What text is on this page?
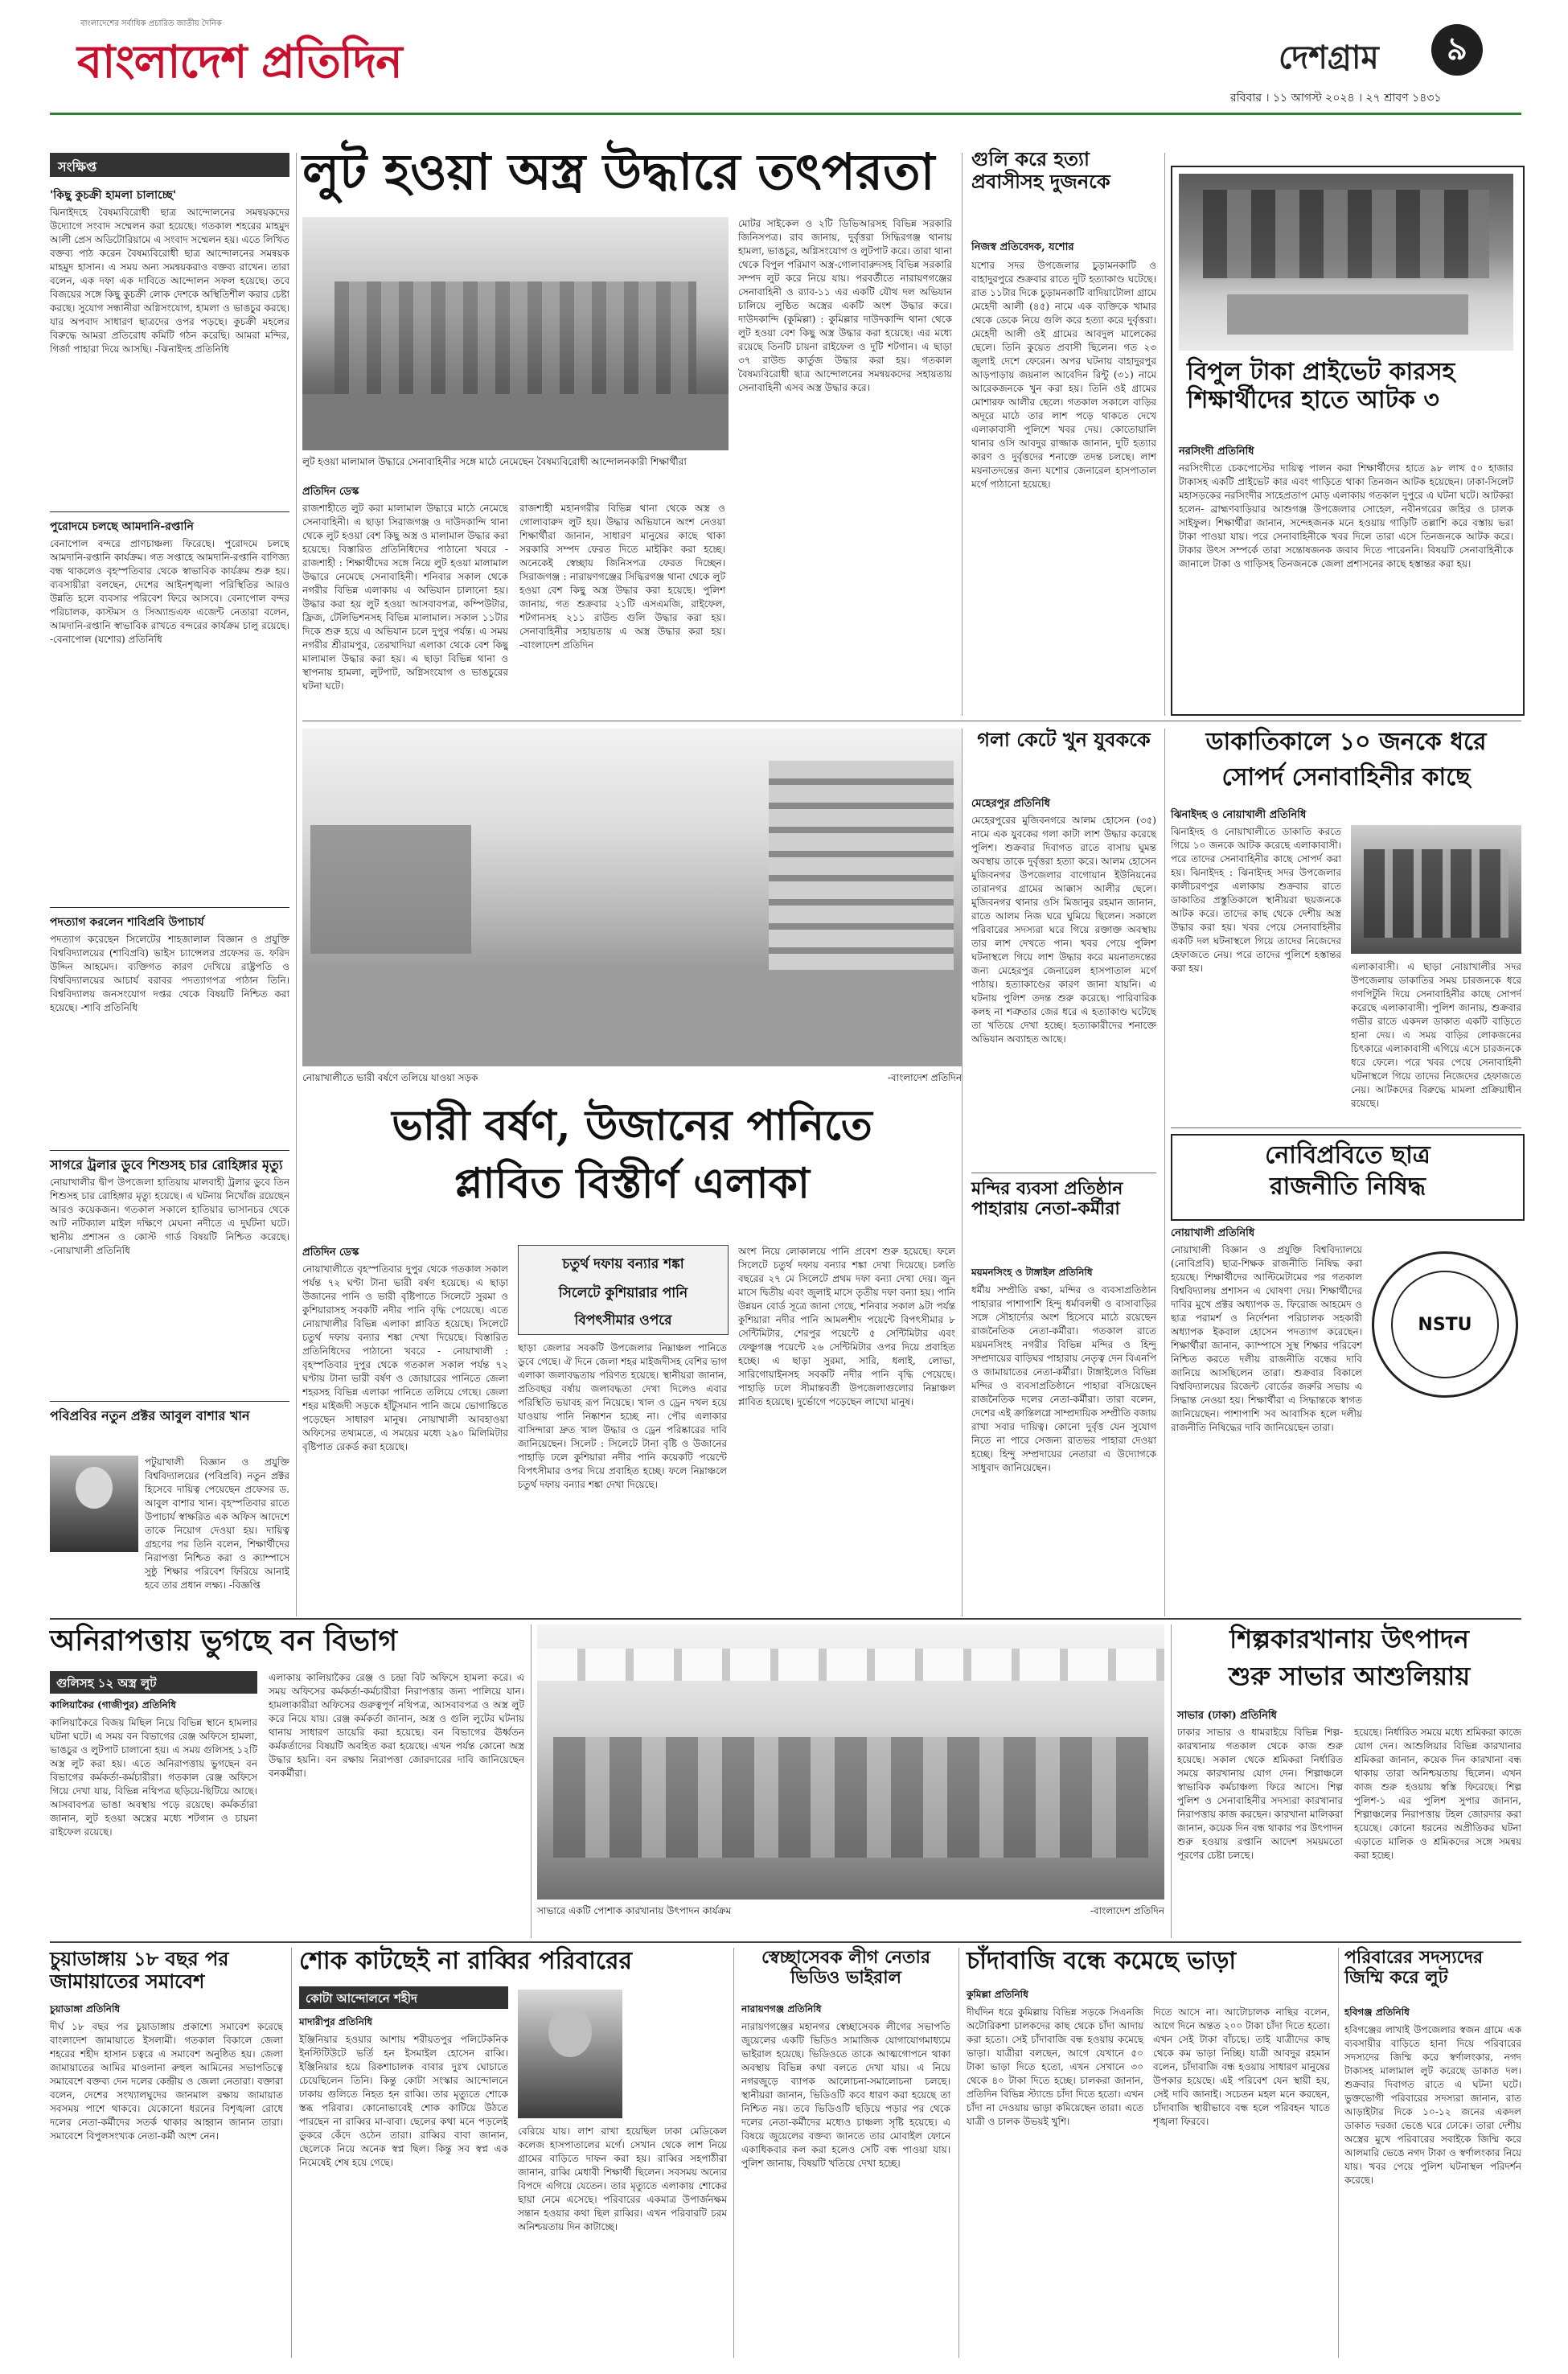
বাংলাদেশের সর্বাধিক প্রচারিত জাতীয় দৈনিক
বাংলাদেশ প্রতিদিন	দেশগ্রাম ৯
রবিবার । ১১ আগস্ট ২০২৪ । ২৭ শ্রাবণ ১৪৩১
সংক্ষিপ্ত
'কিছু কুচক্রী হামলা চালাচ্ছে'
ঝিনাইদহে বৈষম্যবিরোধী ছাত্র আন্দোলনের সমন্বয়কদের উদ্যোগে সংবাদ সম্মেলন করা হয়েছে। গতকাল শহরের মাহমুদ আলী প্রেস অডিটোরিয়ামে এ সংবাদ সম্মেলন হয়। এতে লিখিত বক্তব্য পাঠ করেন বৈষম্যবিরোধী ছাত্র আন্দোলনের সমন্বয়ক মাহমুদ হাসান। এ সময় অন্য সমন্বয়করাও বক্তব্য রাখেন। তারা বলেন, এক দফা এক দাবিতে আন্দোলন সফল হয়েছে। তবে বিজয়ের সঙ্গে কিছু কুচক্রী লোক দেশকে অস্থিতিশীল করার চেষ্টা করছে। সুযোগ সন্ধানীরা অগ্নিসংযোগ, হামলা ও ভাঙচুর করছে। যার অপবাদ সাধারণ ছাত্রদের ওপর পড়ছে। কুচক্রী মহলের বিরুদ্ধে আমরা প্রতিরোধ কমিটি গঠন করেছি। আমরা মন্দির, গির্জা পাহারা দিয়ে আসছি। -ঝিনাইদহ প্রতিনিধি
পুরোদমে চলছে আমদানি-রপ্তানি
বেনাপোল বন্দরে প্রাণচাঞ্চল্য ফিরেছে। পুরোদমে চলছে আমদানি-রপ্তানি কার্যক্রম। গত সপ্তাহে আমদানি-রপ্তানি বাণিজ্য বন্ধ থাকলেও বৃহস্পতিবার থেকে স্বাভাবিক কার্যক্রম শুরু হয়। ব্যবসায়ীরা বলছেন, দেশের আইনশৃঙ্খলা পরিস্থিতির আরও উন্নতি হলে ব্যবসার পরিবেশ ফিরে আসবে। বেনাপোল বন্দর পরিচালক, কাস্টমস ও সিঅ্যান্ডএফ এজেন্ট নেতারা বলেন, আমদানি-রপ্তানি স্বাভাবিক রাখতে বন্দরের কার্যক্রম চালু রয়েছে। -বেনাপোল (যশোর) প্রতিনিধি
পদত্যাগ করলেন শাবিপ্রবি উপাচার্য
পদত্যাগ করেছেন সিলেটের শাহজালাল বিজ্ঞান ও প্রযুক্তি বিশ্ববিদ্যালয়ের (শাবিপ্রবি) ভাইস চ্যান্সেলর প্রফেসর ড. ফরিদ উদ্দিন আহমেদ। ব্যক্তিগত কারণ দেখিয়ে রাষ্ট্রপতি ও বিশ্ববিদ্যালয়ের আচার্য বরাবর পদত্যাগপত্র পাঠান তিনি। বিশ্ববিদ্যালয় জনসংযোগ দপ্তর থেকে বিষয়টি নিশ্চিত করা হয়েছে। -শাবি প্রতিনিধি
সাগরে ট্রলার ডুবে শিশুসহ চার রোহিঙ্গার মৃত্যু
নোয়াখালীর দ্বীপ উপজেলা হাতিয়ায় মালবাহী ট্রলার ডুবে তিন শিশুসহ চার রোহিঙ্গার মৃত্যু হয়েছে। এ ঘটনায় নিখোঁজ রয়েছেন আরও কয়েকজন। গতকাল সকালে হাতিয়ার ভাসানচর থেকে আট নটিক্যাল মাইল দক্ষিণে মেঘনা নদীতে এ দুর্ঘটনা ঘটে। স্থানীয় প্রশাসন ও কোস্ট গার্ড বিষয়টি নিশ্চিত করেছে। -নোয়াখালী প্রতিনিধি
পবিপ্রবির নতুন প্রক্টর আবুল বাশার খান
পটুয়াখালী বিজ্ঞান ও প্রযুক্তি বিশ্ববিদ্যালয়ের (পবিপ্রবি) নতুন প্রক্টর হিসেবে দায়িত্ব পেয়েছেন প্রফেসর ড. আবুল বাশার খান। বৃহস্পতিবার রাতে উপাচার্য স্বাক্ষরিত এক অফিস আদেশে তাকে নিয়োগ দেওয়া হয়। দায়িত্ব গ্রহণের পর তিনি বলেন, শিক্ষার্থীদের নিরাপত্তা নিশ্চিত করা ও ক্যাম্পাসে সুষ্ঠু শিক্ষার পরিবেশ ফিরিয়ে আনাই হবে তার প্রধান লক্ষ্য। -বিজ্ঞপ্তি
লুট হওয়া অস্ত্র উদ্ধারে তৎপরতা
লুট হওয়া মালামাল উদ্ধারে সেনাবাহিনীর সঙ্গে মাঠে নেমেছেন বৈষম্যবিরোধী আন্দোলনকারী শিক্ষার্থীরা
প্রতিদিন ডেস্ক
রাজশাহীতে লুট করা মালামাল উদ্ধারে মাঠে নেমেছে সেনাবাহিনী। এ ছাড়া সিরাজগঞ্জ ও দাউদকান্দি থানা থেকে লুট হওয়া বেশ কিছু অস্ত্র ও মালামাল উদ্ধার করা হয়েছে। বিস্তারিত প্রতিনিধিদের পাঠানো খবরে - রাজশাহী : শিক্ষার্থীদের সঙ্গে নিয়ে লুট হওয়া মালামাল উদ্ধারে নেমেছে সেনাবাহিনী। শনিবার সকাল থেকে নগরীর বিভিন্ন এলাকায় এ অভিযান চালানো হয়। উদ্ধার করা হয় লুট হওয়া আসবাবপত্র, কম্পিউটার, ফ্রিজ, টেলিভিশনসহ বিভিন্ন মালামাল। সকাল ১১টার দিকে শুরু হয়ে এ অভিযান চলে দুপুর পর্যন্ত। এ সময় নগরীর শ্রীরামপুর, তেরখাদিয়া এলাকা থেকে বেশ কিছু মালামাল উদ্ধার করা হয়। এ ছাড়া বিভিন্ন থানা ও স্থাপনায় হামলা, লুটপাট, অগ্নিসংযোগ ও ভাঙচুরের ঘটনা ঘটে।
রাজশাহী মহানগরীর বিভিন্ন থানা থেকে অস্ত্র ও গোলাবারুদ লুট হয়। উদ্ধার অভিযানে অংশ নেওয়া শিক্ষার্থীরা জানান, সাধারণ মানুষের কাছে থাকা সরকারি সম্পদ ফেরত দিতে মাইকিং করা হচ্ছে। অনেকেই স্বেচ্ছায় জিনিসপত্র ফেরত দিচ্ছেন। সিরাজগঞ্জ : নারায়ণগঞ্জের সিদ্ধিরগঞ্জ থানা থেকে লুট হওয়া বেশ কিছু অস্ত্র উদ্ধার করা হয়েছে। পুলিশ জানায়, গত শুক্রবার ২১টি এসএমজি, রাইফেল, শটগানসহ ২১১ রাউন্ড গুলি উদ্ধার করা হয়। সেনাবাহিনীর সহায়তায় এ অস্ত্র উদ্ধার করা হয়। -বাংলাদেশ প্রতিদিন
মোটর সাইকেল ও ২টি ডিভিআরসহ বিভিন্ন সরকারি জিনিসপত্র। রাব জানায়, দুর্বৃত্তরা সিদ্ধিরগঞ্জ থানায় হামলা, ভাঙচুর, অগ্নিসংযোগ ও লুটপাট করে। তারা থানা থেকে বিপুল পরিমাণ অস্ত্র-গোলাবারুদসহ বিভিন্ন সরকারি সম্পদ লুট করে নিয়ে যায়। পরবর্তীতে নারায়ণগঞ্জের সেনাবাহিনী ও র‍্যাব-১১ এর একটি যৌথ দল অভিযান চালিয়ে লুণ্ঠিত অস্ত্রের একটি অংশ উদ্ধার করে। দাউদকান্দি (কুমিল্লা) : কুমিল্লার দাউদকান্দি থানা থেকে লুট হওয়া বেশ কিছু অস্ত্র উদ্ধার করা হয়েছে। এর মধ্যে রয়েছে তিনটি চায়না রাইফেল ও দুটি শটগান। এ ছাড়া ৩৭ রাউন্ড কার্তুজ উদ্ধার করা হয়। গতকাল বৈষম্যবিরোধী ছাত্র আন্দোলনের সমন্বয়কদের সহায়তায় সেনাবাহিনী এসব অস্ত্র উদ্ধার করে।
গুলি করে হত্যা প্রবাসীসহ দুজনকে
নিজস্ব প্রতিবেদক, যশোর
যশোর সদর উপজেলার চুড়ামনকাটি ও বাহাদুরপুরে শুক্রবার রাতে দুটি হত্যাকাণ্ড ঘটেছে। রাত ১১টার দিকে চুড়ামনকাটি বাদিয়াটোলা গ্রামে মেহেদী আলী (৪৫) নামে এক ব্যক্তিকে খামার থেকে ডেকে নিয়ে গুলি করে হত্যা করে দুর্বৃত্তরা। মেহেদী আলী ওই গ্রামের আবদুল মালেকের ছেলে। তিনি কুয়েত প্রবাসী ছিলেন। গত ২৩ জুলাই দেশে ফেরেন। অপর ঘটনায় বাহাদুরপুর আড়পাড়ায় জয়নাল আবেদিন রিন্টু (৩১) নামে আরেকজনকে খুন করা হয়। তিনি ওই গ্রামের মোশারফ আলীর ছেলে। গতকাল সকালে বাড়ির অদূরে মাঠে তার লাশ পড়ে থাকতে দেখে এলাকাবাসী পুলিশে খবর দেয়। কোতোয়ালি থানার ওসি আবদুর রাজ্জাক জানান, দুটি হত্যার কারণ ও দুর্বৃত্তদের শনাক্তে তদন্ত চলছে। লাশ ময়নাতদন্তের জন্য যশোর জেনারেল হাসপাতাল মর্গে পাঠানো হয়েছে।
বিপুল টাকা প্রাইভেট কারসহ শিক্ষার্থীদের হাতে আটক ৩
নরসিংদী প্রতিনিধি
নরসিংদীতে চেকপোস্টের দায়িত্ব পালন করা শিক্ষার্থীদের হাতে ৯৮ লাখ ৫০ হাজার টাকাসহ একটি প্রাইভেট কার এবং গাড়িতে থাকা তিনজন আটক হয়েছেন। ঢাকা-সিলেট মহাসড়কের নরসিংদীর সাহেপ্রতাপ মোড় এলাকায় গতকাল দুপুরে এ ঘটনা ঘটে। আটকরা হলেন- ব্রাহ্মণবাড়িয়ার আশুগঞ্জ উপজেলার সোহেল, নবীনগরের জহির ও চালক সাইফুল। শিক্ষার্থীরা জানান, সন্দেহজনক মনে হওয়ায় গাড়িটি তল্লাশি করে বস্তায় ভরা টাকা পাওয়া যায়। পরে সেনাবাহিনীকে খবর দিলে তারা এসে তিনজনকে আটক করে। টাকার উৎস সম্পর্কে তারা সন্তোষজনক জবাব দিতে পারেননি। বিষয়টি সেনাবাহিনীকে জানালে টাকা ও গাড়িসহ তিনজনকে জেলা প্রশাসনের কাছে হস্তান্তর করা হয়।
নোয়াখালীতে ভারী বর্ষণে তলিয়ে যাওয়া সড়ক	-বাংলাদেশ প্রতিদিন
ভারী বর্ষণ, উজানের পানিতে
প্লাবিত বিস্তীর্ণ এলাকা
প্রতিদিন ডেস্ক
নোয়াখালীতে বৃহস্পতিবার দুপুর থেকে গতকাল সকাল পর্যন্ত ৭২ ঘণ্টা টানা ভারী বর্ষণ হয়েছে। এ ছাড়া উজানের পানি ও ভারী বৃষ্টিপাতে সিলেটে সুরমা ও কুশিয়ারাসহ সবকটি নদীর পানি বৃদ্ধি পেয়েছে। এতে নোয়াখালীর বিভিন্ন এলাকা প্লাবিত হয়েছে। সিলেটে চতুর্থ দফায় বন্যার শঙ্কা দেখা দিয়েছে। বিস্তারিত প্রতিনিধিদের পাঠানো খবরে - নোয়াখালী : বৃহস্পতিবার দুপুর থেকে গতকাল সকাল পর্যন্ত ৭২ ঘণ্টায় টানা ভারী বর্ষণ ও জোয়ারের পানিতে জেলা শহরসহ বিভিন্ন এলাকা পানিতে তলিয়ে গেছে। জেলা শহর মাইজদী সড়কে হাঁটুসমান পানি জমে ভোগান্তিতে পড়েছেন সাধারণ মানুষ। নোয়াখালী আবহাওয়া অফিসের তথ্যমতে, এ সময়ের মধ্যে ২৯০ মিলিমিটার বৃষ্টিপাত রেকর্ড করা হয়েছে।
চতুর্থ দফায় বন্যার শঙ্কা
সিলেটে কুশিয়ারার পানি
বিপৎসীমার ওপরে
ছাড়া জেলার সবকটি উপজেলার নিম্নাঞ্চল পানিতে ডুবে গেছে। ঐ দিনে জেলা শহর মাইজদীসহ বেশির ভাগ এলাকা জলাবদ্ধতায় পরিণত হয়েছে। স্থানীয়রা জানান, প্রতিবছর বর্ষায় জলাবদ্ধতা দেখা দিলেও এবার পরিস্থিতি ভয়াবহ রূপ নিয়েছে। খাল ও ড্রেন দখল হয়ে যাওয়ায় পানি নিষ্কাশন হচ্ছে না। পৌর এলাকার বাসিন্দারা দ্রুত খাল উদ্ধার ও ড্রেন পরিষ্কারের দাবি জানিয়েছেন। সিলেট : সিলেটে টানা বৃষ্টি ও উজানের পাহাড়ি ঢলে কুশিয়ারা নদীর পানি কয়েকটি পয়েন্টে বিপৎসীমার ওপর দিয়ে প্রবাহিত হচ্ছে। ফলে নিম্নাঞ্চলে চতুর্থ দফায় বন্যার শঙ্কা দেখা দিয়েছে।
অংশ নিয়ে লোকালয়ে পানি প্রবেশ শুরু হয়েছে। ফলে সিলেটে চতুর্থ দফায় বন্যার শঙ্কা দেখা দিয়েছে। চলতি বছরের ২৭ মে সিলেটে প্রথম দফা বন্যা দেখা দেয়। জুন মাসে দ্বিতীয় এবং জুলাই মাসে তৃতীয় দফা বন্যা হয়। পানি উন্নয়ন বোর্ড সূত্রে জানা গেছে, শনিবার সকাল ৯টা পর্যন্ত কুশিয়ারা নদীর পানি আমলশীদ পয়েন্টে বিপৎসীমার ৮ সেন্টিমিটার, শেরপুর পয়েন্টে ৫ সেন্টিমিটার এবং ফেঞ্চুগঞ্জ পয়েন্টে ২৬ সেন্টিমিটার ওপর দিয়ে প্রবাহিত হচ্ছে। এ ছাড়া সুরমা, সারি, ধলাই, লোভা, সারিগোয়াইনসহ সবকটি নদীর পানি বৃদ্ধি পেয়েছে। পাহাড়ি ঢলে সীমান্তবর্তী উপজেলাগুলোর নিম্নাঞ্চল প্লাবিত হয়েছে। দুর্ভোগে পড়েছেন লাখো মানুষ।
গলা কেটে খুন যুবককে
মেহেরপুর প্রতিনিধি
মেহেরপুরের মুজিবনগরে আলম হোসেন (৩৫) নামে এক যুবকের গলা কাটা লাশ উদ্ধার করেছে পুলিশ। শুক্রবার দিবাগত রাতে বাসায় ঘুমন্ত অবস্থায় তাকে দুর্বৃত্তরা হত্যা করে। আলম হোসেন মুজিবনগর উপজেলার বাগোয়ান ইউনিয়নের তারানগর গ্রামের আক্কাস আলীর ছেলে। মুজিবনগর থানার ওসি মিজানুর রহমান জানান, রাতে আলম নিজ ঘরে ঘুমিয়ে ছিলেন। সকালে পরিবারের সদস্যরা ঘরে গিয়ে রক্তাক্ত অবস্থায় তার লাশ দেখতে পান। খবর পেয়ে পুলিশ ঘটনাস্থলে গিয়ে লাশ উদ্ধার করে ময়নাতদন্তের জন্য মেহেরপুর জেনারেল হাসপাতাল মর্গে পাঠায়। হত্যাকাণ্ডের কারণ জানা যায়নি। এ ঘটনায় পুলিশ তদন্ত শুরু করেছে। পারিবারিক কলহ না শত্রুতার জের ধরে এ হত্যাকাণ্ড ঘটেছে তা খতিয়ে দেখা হচ্ছে। হত্যাকারীদের শনাক্তে অভিযান অব্যাহত আছে।
মন্দির ব্যবসা প্রতিষ্ঠান পাহারায় নেতা-কর্মীরা
ময়মনসিংহ ও টাঙ্গাইল প্রতিনিধি
ধর্মীয় সম্প্রীতি রক্ষা, মন্দির ও ব্যবসাপ্রতিষ্ঠান পাহারার পাশাপাশি হিন্দু ধর্মাবলম্বী ও বাসাবাড়ির সঙ্গে সৌহার্দ্যের অংশ হিসেবে মাঠে রয়েছেন রাজনৈতিক নেতা-কর্মীরা। গতকাল রাতে ময়মনসিংহ নগরীর বিভিন্ন মন্দির ও হিন্দু সম্প্রদায়ের বাড়িঘর পাহারায় নেতৃত্ব দেন বিএনপি ও জামায়াতের নেতা-কর্মীরা। টাঙ্গাইলেও বিভিন্ন মন্দির ও ব্যবসাপ্রতিষ্ঠানে পাহারা বসিয়েছেন রাজনৈতিক দলের নেতা-কর্মীরা। তারা বলেন, দেশের এই ক্রান্তিলগ্নে সাম্প্রদায়িক সম্প্রীতি বজায় রাখা সবার দায়িত্ব। কোনো দুর্বৃত্ত যেন সুযোগ নিতে না পারে সেজন্য রাতভর পাহারা দেওয়া হচ্ছে। হিন্দু সম্প্রদায়ের নেতারা এ উদ্যোগকে সাধুবাদ জানিয়েছেন।
ডাকাতিকালে ১০ জনকে ধরে
সোপর্দ সেনাবাহিনীর কাছে
ঝিনাইদহ ও নোয়াখালী প্রতিনিধি
ঝিনাইদহ ও নোয়াখালীতে ডাকাতি করতে গিয়ে ১০ জনকে আটক করেছে এলাকাবাসী। পরে তাদের সেনাবাহিনীর কাছে সোপর্দ করা হয়। ঝিনাইদহ : ঝিনাইদহ সদর উপজেলার কালীচরণপুর এলাকায় শুক্রবার রাতে ডাকাতির প্রস্তুতিকালে স্থানীয়রা ছয়জনকে আটক করে। তাদের কাছ থেকে দেশীয় অস্ত্র উদ্ধার করা হয়। খবর পেয়ে সেনাবাহিনীর একটি দল ঘটনাস্থলে গিয়ে তাদের নিজেদের হেফাজতে নেয়। পরে তাদের পুলিশে হস্তান্তর করা হয়।	এলাকাবাসী। এ ছাড়া নোয়াখালীর সদর উপজেলায় ডাকাতির সময় চারজনকে ধরে গণপিটুনি দিয়ে সেনাবাহিনীর কাছে সোপর্দ করেছে এলাকাবাসী। পুলিশ জানায়, শুক্রবার গভীর রাতে একদল ডাকাত একটি বাড়িতে হানা দেয়। এ সময় বাড়ির লোকজনের চিৎকারে এলাকাবাসী এগিয়ে এসে চারজনকে ধরে ফেলে। পরে খবর পেয়ে সেনাবাহিনী ঘটনাস্থলে গিয়ে তাদের নিজেদের হেফাজতে নেয়। আটকদের বিরুদ্ধে মামলা প্রক্রিয়াধীন রয়েছে।
নোবিপ্রবিতে ছাত্র
রাজনীতি নিষিদ্ধ
নোয়াখালী প্রতিনিধি
নোয়াখালী বিজ্ঞান ও প্রযুক্তি বিশ্ববিদ্যালয়ে (নোবিপ্রবি) ছাত্র-শিক্ষক রাজনীতি নিষিদ্ধ করা হয়েছে। শিক্ষার্থীদের আল্টিমেটামের পর গতকাল বিশ্ববিদ্যালয় প্রশাসন এ ঘোষণা দেয়। শিক্ষার্থীদের দাবির মুখে প্রক্টর অধ্যাপক ড. ফিরোজ আহমেদ ও ছাত্র পরামর্শ ও নির্দেশনা পরিচালক সহকারী অধ্যাপক ইকবাল হোসেন পদত্যাগ করেছেন। শিক্ষার্থীরা জানান, ক্যাম্পাসে সুস্থ শিক্ষার পরিবেশ নিশ্চিত করতে দলীয় রাজনীতি বন্ধের দাবি জানিয়ে আসছিলেন তারা। শুক্রবার বিকালে বিশ্ববিদ্যালয়ের রিজেন্ট বোর্ডের জরুরি সভায় এ সিদ্ধান্ত নেওয়া হয়। শিক্ষার্থীরা এ সিদ্ধান্তকে স্বাগত জানিয়েছেন। পাশাপাশি সব আবাসিক হলে দলীয় রাজনীতি নিষিদ্ধের দাবি জানিয়েছেন তারা।
NSTU
অনিরাপত্তায় ভুগছে বন বিভাগ
গুলিসহ ১২ অস্ত্র লুট
কালিয়াকৈর (গাজীপুর) প্রতিনিধি
কালিয়াকৈরে বিজয় মিছিল নিয়ে বিভিন্ন স্থানে হামলার ঘটনা ঘটে। এ সময় বন বিভাগের রেঞ্জ অফিসে হামলা, ভাঙচুর ও লুটপাট চালানো হয়। এ সময় গুলিসহ ১২টি অস্ত্র লুট করা হয়। এতে অনিরাপত্তায় ভুগছেন বন বিভাগের কর্মকর্তা-কর্মচারীরা। গতকাল রেঞ্জ অফিসে গিয়ে দেখা যায়, বিভিন্ন নথিপত্র ছড়িয়ে-ছিটিয়ে আছে। আসবাবপত্র ভাঙা অবস্থায় পড়ে রয়েছে। কর্মকর্তারা জানান, লুট হওয়া অস্ত্রের মধ্যে শটগান ও চায়না রাইফেল রয়েছে।
এলাকায় কালিয়াকৈর রেঞ্জ ও চন্দ্রা বিট অফিসে হামলা করে। এ সময় অফিসের কর্মকর্তা-কর্মচারীরা নিরাপত্তার জন্য পালিয়ে যান। হামলাকারীরা অফিসের গুরুত্বপূর্ণ নথিপত্র, আসবাবপত্র ও অস্ত্র লুট করে নিয়ে যায়। রেঞ্জ কর্মকর্তা জানান, অস্ত্র ও গুলি লুটের ঘটনায় থানায় সাধারণ ডায়েরি করা হয়েছে। বন বিভাগের ঊর্ধ্বতন কর্মকর্তাদের বিষয়টি অবহিত করা হয়েছে। এখন পর্যন্ত কোনো অস্ত্র উদ্ধার হয়নি। বন রক্ষায় নিরাপত্তা জোরদারের দাবি জানিয়েছেন বনকর্মীরা।
সাভারে একটি পোশাক কারখানায় উৎপাদন কার্যক্রম	-বাংলাদেশ প্রতিদিন
শিল্পকারখানায় উৎপাদন
শুরু সাভার আশুলিয়ায়
সাভার (ঢাকা) প্রতিনিধি
ঢাকার সাভার ও ধামরাইয়ে বিভিন্ন শিল্প-কারখানায় গতকাল থেকে কাজ শুরু হয়েছে। সকাল থেকে শ্রমিকরা নির্ধারিত সময়ে কারখানায় যোগ দেন। শিল্পাঞ্চলে স্বাভাবিক কর্মচাঞ্চল্য ফিরে আসে। শিল্প পুলিশ ও সেনাবাহিনীর সদস্যরা কারখানার নিরাপত্তায় কাজ করছেন। কারখানা মালিকরা জানান, কয়েক দিন বন্ধ থাকার পর উৎপাদন শুরু হওয়ায় রপ্তানি আদেশ সময়মতো পূরণের চেষ্টা চলছে।
হয়েছে। নির্ধারিত সময়ে মধ্যে শ্রমিকরা কাজে যোগ দেন। আশুলিয়ার বিভিন্ন কারখানার শ্রমিকরা জানান, কয়েক দিন কারখানা বন্ধ থাকায় তারা অনিশ্চয়তায় ছিলেন। এখন কাজ শুরু হওয়ায় স্বস্তি ফিরেছে। শিল্প পুলিশ-১ এর পুলিশ সুপার জানান, শিল্পাঞ্চলের নিরাপত্তায় টহল জোরদার করা হয়েছে। কোনো ধরনের অপ্রীতিকর ঘটনা এড়াতে মালিক ও শ্রমিকদের সঙ্গে সমন্বয় করা হচ্ছে।
চুয়াডাঙ্গায় ১৮ বছর পর জামায়াতের সমাবেশ
চুয়াডাঙ্গা প্রতিনিধি
দীর্ঘ ১৮ বছর পর চুয়াডাঙ্গায় প্রকাশ্যে সমাবেশ করেছে বাংলাদেশ জামায়াতে ইসলামী। গতকাল বিকালে জেলা শহরের শহীদ হাসান চত্বরে এ সমাবেশ অনুষ্ঠিত হয়। জেলা জামায়াতের আমির মাওলানা রুহুল আমিনের সভাপতিত্বে সমাবেশে বক্তব্য দেন দলের কেন্দ্রীয় ও জেলা নেতারা। বক্তারা বলেন, দেশের সংখ্যালঘুদের জানমাল রক্ষায় জামায়াত সবসময় পাশে থাকবে। যেকোনো ধরনের বিশৃঙ্খলা রোধে দলের নেতা-কর্মীদের সতর্ক থাকার আহ্বান জানান তারা। সমাবেশে বিপুলসংখ্যক নেতা-কর্মী অংশ নেন।
শোক কাটছেই না রাব্বির পরিবারের
কোটা আন্দোলনে শহীদ
মাদারীপুর প্রতিনিধি
ইঞ্জিনিয়ার হওয়ার আশায় শরীয়তপুর পলিটেকনিক ইনস্টিটিউটে ভর্তি হন ইসমাইল হোসেন রাব্বি। ইঞ্জিনিয়ার হয়ে রিকশাচালক বাবার দুঃখ ঘোচাতে চেয়েছিলেন তিনি। কিন্তু কোটা সংস্কার আন্দোলনে ঢাকায় গুলিতে নিহত হন রাব্বি। তার মৃত্যুতে শোকে স্তব্ধ পরিবার। কোনোভাবেই শোক কাটিয়ে উঠতে পারছেন না রাব্বির মা-বাবা। ছেলের কথা মনে পড়লেই ডুকরে কেঁদে ওঠেন তারা। রাব্বির বাবা জানান, ছেলেকে নিয়ে অনেক স্বপ্ন ছিল। কিন্তু সব স্বপ্ন এক নিমেষেই শেষ হয়ে গেছে।
বেরিয়ে যায়। লাশ রাখা হয়েছিল ঢাকা মেডিকেল কলেজ হাসপাতালের মর্গে। সেখান থেকে লাশ নিয়ে গ্রামের বাড়িতে দাফন করা হয়। রাব্বির সহপাঠীরা জানান, রাব্বি মেধাবী শিক্ষার্থী ছিলেন। সবসময় অন্যের বিপদে এগিয়ে যেতেন। তার মৃত্যুতে এলাকায় শোকের ছায়া নেমে এসেছে। পরিবারের একমাত্র উপার্জনক্ষম সন্তান হওয়ার কথা ছিল রাব্বির। এখন পরিবারটি চরম অনিশ্চয়তায় দিন কাটাচ্ছে।
স্বেচ্ছাসেবক লীগ নেতার ভিডিও ভাইরাল
নারায়ণগঞ্জ প্রতিনিধি
নারায়ণগঞ্জের মহানগর স্বেচ্ছাসেবক লীগের সভাপতি জুয়েলের একটি ভিডিও সামাজিক যোগাযোগমাধ্যমে ভাইরাল হয়েছে। ভিডিওতে তাকে আত্মগোপনে থাকা অবস্থায় বিভিন্ন কথা বলতে দেখা যায়। এ নিয়ে নগরজুড়ে ব্যাপক আলোচনা-সমালোচনা চলছে। স্থানীয়রা জানান, ভিডিওটি কবে ধারণ করা হয়েছে তা নিশ্চিত নয়। তবে ভিডিওটি ছড়িয়ে পড়ার পর থেকে দলের নেতা-কর্মীদের মধ্যেও চাঞ্চল্য সৃষ্টি হয়েছে। এ বিষয়ে জুয়েলের বক্তব্য জানতে তার মোবাইল ফোনে একাধিকবার কল করা হলেও সেটি বন্ধ পাওয়া যায়। পুলিশ জানায়, বিষয়টি খতিয়ে দেখা হচ্ছে।
চাঁদাবাজি বন্ধে কমেছে ভাড়া
কুমিল্লা প্রতিনিধি
দীর্ঘদিন ধরে কুমিল্লায় বিভিন্ন সড়কে সিএনজি অটোরিকশা চালকদের কাছ থেকে চাঁদা আদায় করা হতো। সেই চাঁদাবাজি বন্ধ হওয়ায় কমেছে ভাড়া। যাত্রীরা বলছেন, আগে যেখানে ৫০ টাকা ভাড়া দিতে হতো, এখন সেখানে ৩০ থেকে ৪০ টাকা দিতে হচ্ছে। চালকরা জানান, প্রতিদিন বিভিন্ন স্ট্যান্ডে চাঁদা দিতে হতো। এখন চাঁদা না দেওয়ায় ভাড়া কমিয়েছেন তারা। এতে যাত্রী ও চালক উভয়ই খুশি।
দিতে আসে না। আটোচালক নাছির বলেন, আগে দিনে অন্তত ২০০ টাকা চাঁদা দিতে হতো। এখন সেই টাকা বাঁচছে। তাই যাত্রীদের কাছ থেকে কম ভাড়া নিচ্ছি। যাত্রী আবদুর রহমান বলেন, চাঁদাবাজি বন্ধ হওয়ায় সাধারণ মানুষের উপকার হয়েছে। এই পরিবেশ যেন স্থায়ী হয়, সেই দাবি জানাই। সচেতন মহল মনে করছেন, চাঁদাবাজি স্থায়ীভাবে বন্ধ হলে পরিবহন খাতে শৃঙ্খলা ফিরবে।
পরিবারের সদস্যদের জিম্মি করে লুট
হবিগঞ্জ প্রতিনিধি
হবিগঞ্জের লাখাই উপজেলার স্বজন গ্রামে এক ব্যবসায়ীর বাড়িতে হানা দিয়ে পরিবারের সদস্যদের জিম্মি করে স্বর্ণালংকার, নগদ টাকাসহ মালামাল লুট করেছে ডাকাত দল। শুক্রবার দিবাগত রাতে এ ঘটনা ঘটে। ভুক্তভোগী পরিবারের সদস্যরা জানান, রাত আড়াইটার দিকে ১০-১২ জনের একদল ডাকাত দরজা ভেঙে ঘরে ঢোকে। তারা দেশীয় অস্ত্রের মুখে পরিবারের সবাইকে জিম্মি করে আলমারি ভেঙে নগদ টাকা ও স্বর্ণালংকার নিয়ে যায়। খবর পেয়ে পুলিশ ঘটনাস্থল পরিদর্শন করেছে।
